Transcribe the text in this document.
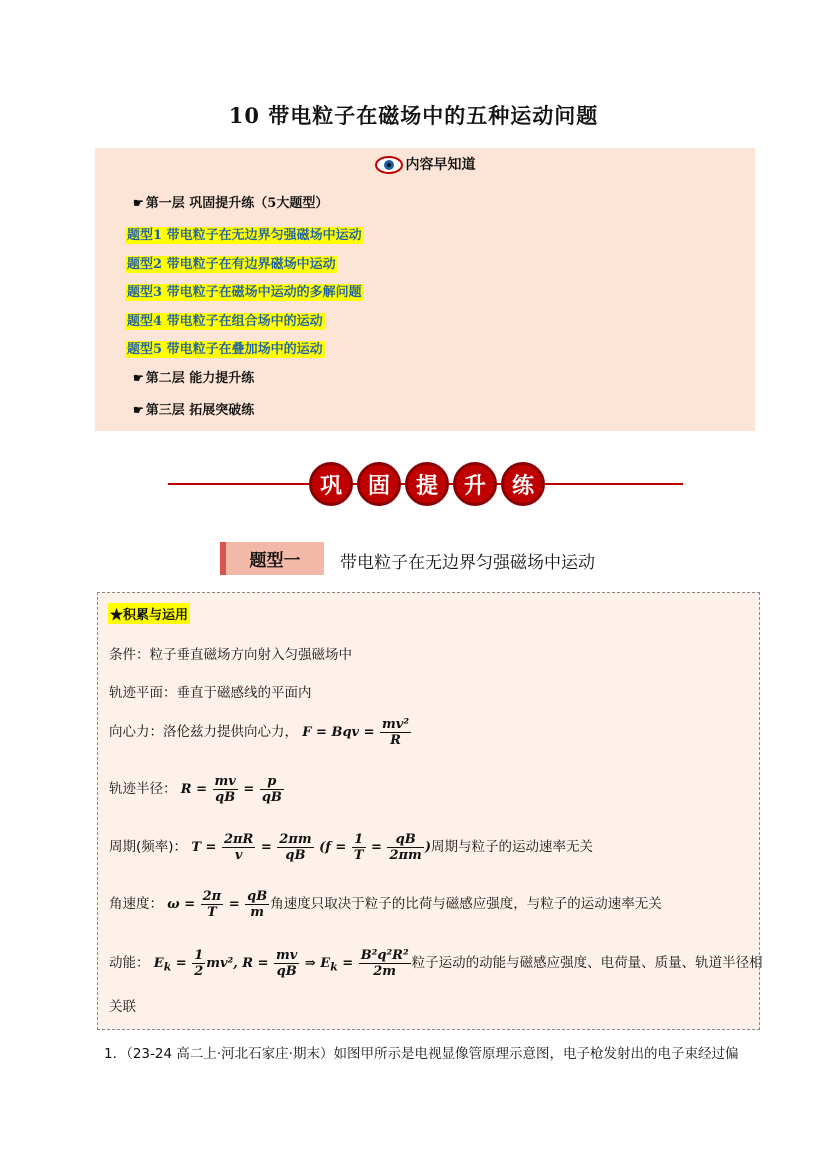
10 带电粒子在磁场中的五种运动问题
内容早知道
☛ 第一层 巩固提升练（5大题型）
题型1 带电粒子在无边界匀强磁场中运动
题型2 带电粒子在有边界磁场中运动
题型3 带电粒子在磁场中运动的多解问题
题型4 带电粒子在组合场中的运动
题型5 带电粒子在叠加场中的运动
☛ 第二层 能力提升练
☛ 第三层 拓展突破练
巩	固	提	升	练
题型一	带电粒子在无边界匀强磁场中运动
★积累与运用
条件：粒子垂直磁场方向射入匀强磁场中
轨迹平面：垂直于磁感线的平面内
向心力：洛伦兹力提供向心力， F = Bqv = $\frac{\text{mv²}}{R}$
轨迹半径： $R = \frac{mv}{qB} = \frac{p}{qB}$
周期(频率)： $T = \frac{2\pi R}{v} = \frac{2\pi m}{qB} (f = \frac{1}{T} = \frac{qB}{2\pi m}$ )周期与粒子的运动速率无关
角速度： $\omega = \frac{2\pi}{T} = \frac{qB}{m}$ 角速度只取决于粒子的比荷与磁感应强度，与粒子的运动速率无关
动能： $E_k = \frac{1}{2} mv^2$, $R = \frac{mv}{qB}$ ⇒ $E_k = \frac{\text{B²q²R²}}{2m}$ 粒子运动的动能与磁感应强度、电荷量、质量、轨道半径相
关联
1．（23-24 高二上·河北石家庄·期末）如图甲所示是电视显像管原理示意图，电子枪发射出的电子束经过偏
